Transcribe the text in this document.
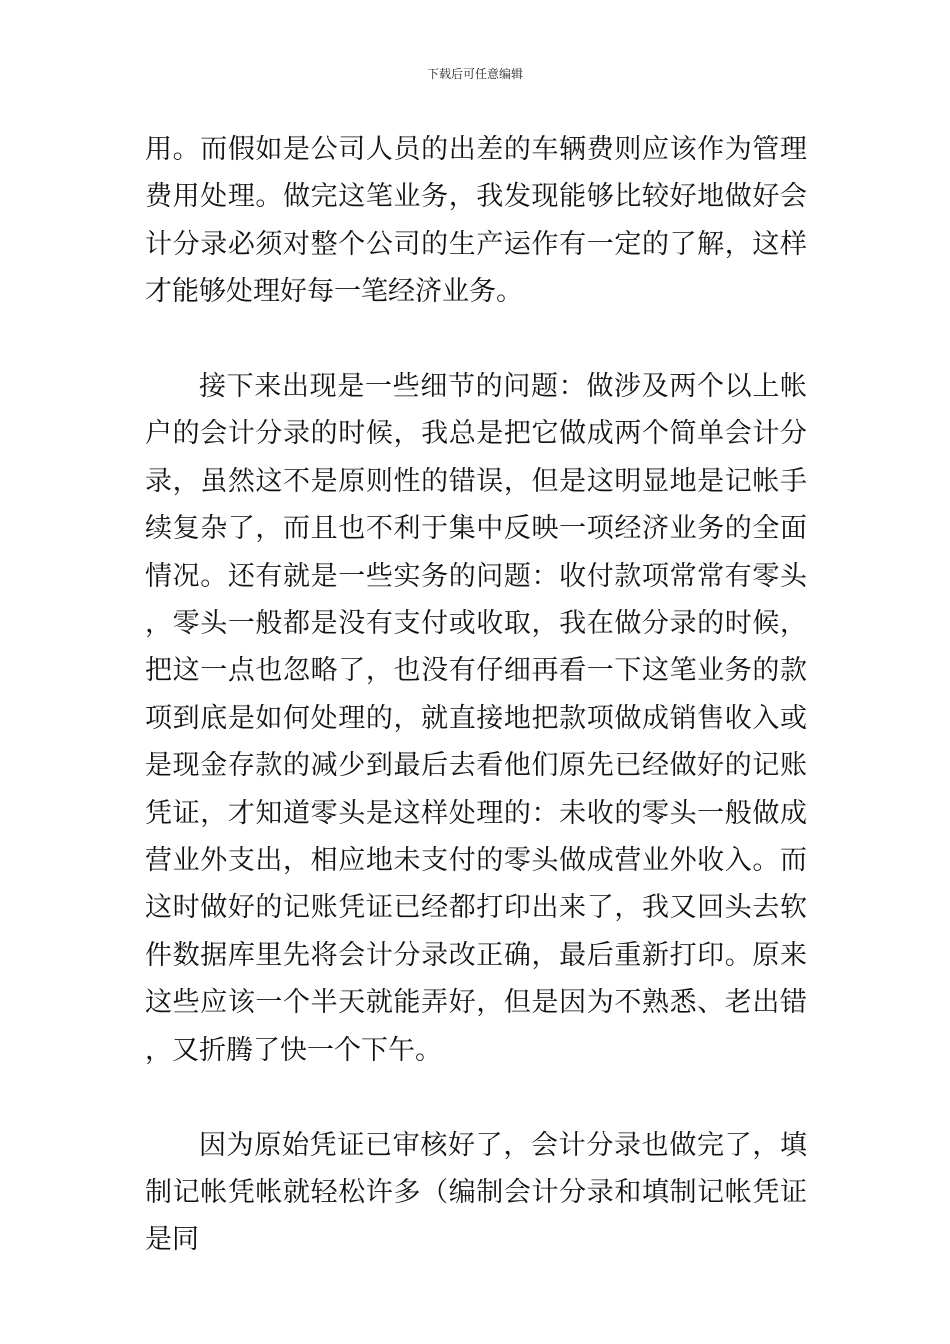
下载后可任意编辑

用。而假如是公司人员的出差的车辆费则应该作为管理费用处理。做完这笔业务，我发现能够比较好地做好会计分录必须对整个公司的生产运作有一定的了解，这样才能够处理好每一笔经济业务。

接下来出现是一些细节的问题：做涉及两个以上帐户的会计分录的时候，我总是把它做成两个简单会计分录，虽然这不是原则性的错误，但是这明显地是记帐手续复杂了，而且也不利于集中反映一项经济业务的全面情况。还有就是一些实务的问题：收付款项常常有零头，零头一般都是没有支付或收取，我在做分录的时候，把这一点也忽略了，也没有仔细再看一下这笔业务的款项到底是如何处理的，就直接地把款项做成销售收入或是现金存款的减少到最后去看他们原先已经做好的记账凭证，才知道零头是这样处理的：未收的零头一般做成营业外支出，相应地未支付的零头做成营业外收入。而这时做好的记账凭证已经都打印出来了，我又回头去软件数据库里先将会计分录改正确，最后重新打印。原来这些应该一个半天就能弄好，但是因为不熟悉、老出错，又折腾了快一个下午。

因为原始凭证已审核好了，会计分录也做完了，填制记帐凭帐就轻松许多（编制会计分录和填制记帐凭证是同
